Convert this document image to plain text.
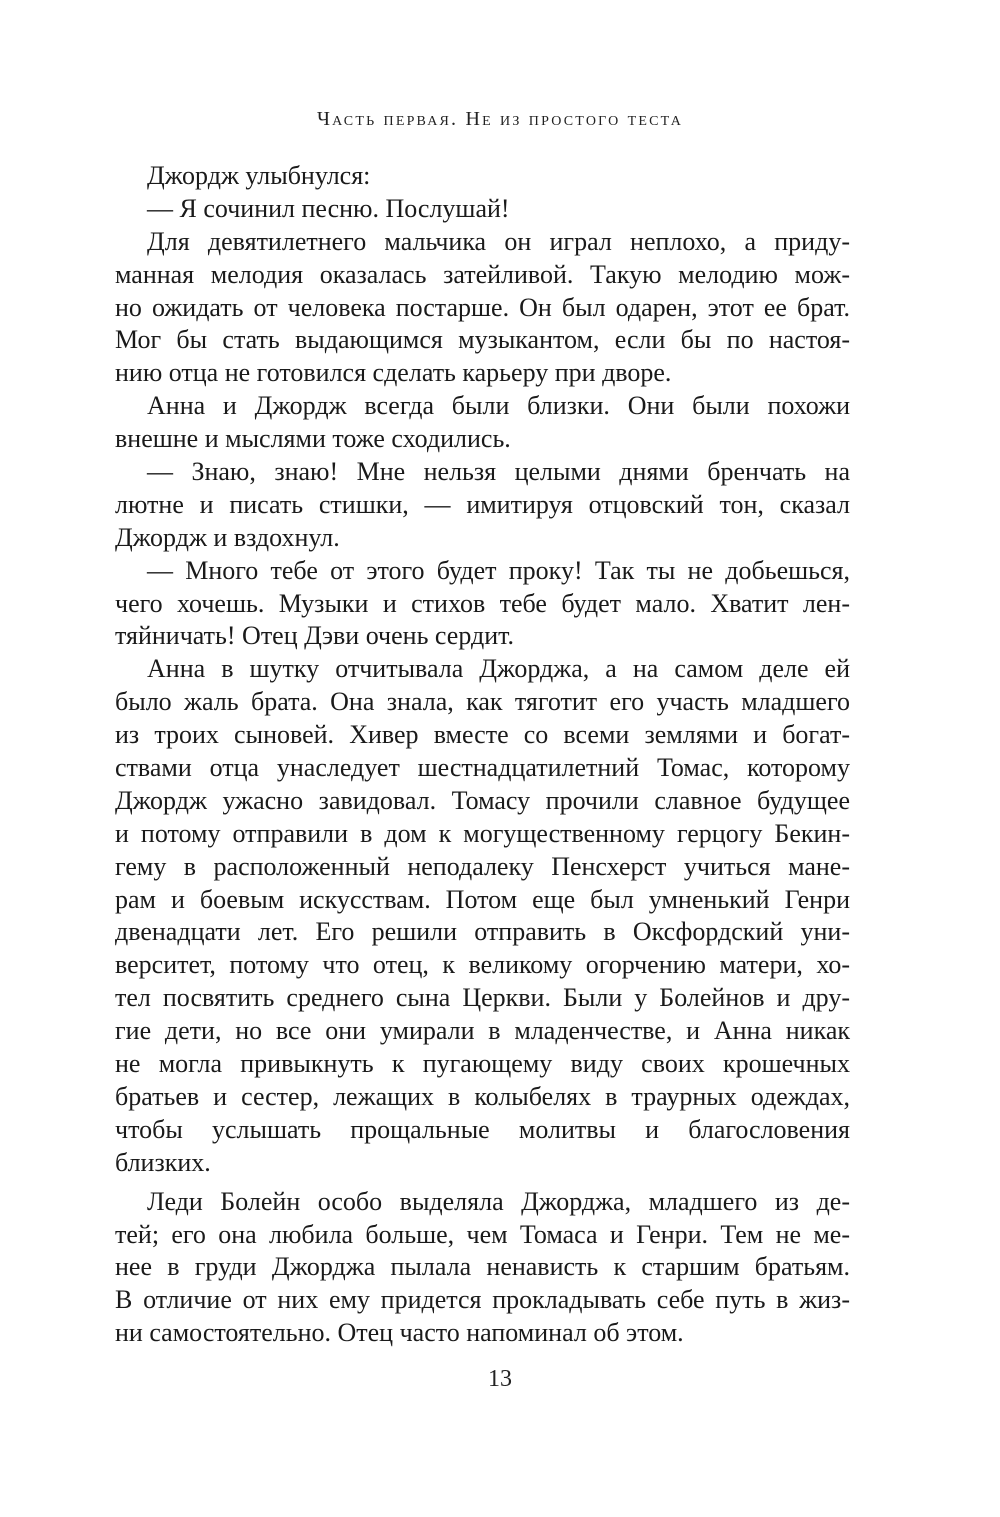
Часть первая. Не из простого теста
Джордж улыбнулся:
— Я сочинил песню. Послушай!
Для девятилетнего мальчика он играл неплохо, а приду-
манная мелодия оказалась затейливой. Такую мелодию мож-
но ожидать от человека постарше. Он был одарен, этот ее брат.
Мог бы стать выдающимся музыкантом, если бы по настоя-
нию отца не готовился сделать карьеру при дворе.
Анна и Джордж всегда были близки. Они были похожи
внешне и мыслями тоже сходились.
— Знаю, знаю! Мне нельзя целыми днями бренчать на
лютне и писать стишки, — имитируя отцовский тон, сказал
Джордж и вздохнул.
— Много тебе от этого будет проку! Так ты не добьешься,
чего хочешь. Музыки и стихов тебе будет мало. Хватит лен-
тяйничать! Отец Дэви очень сердит.
Анна в шутку отчитывала Джорджа, а на самом деле ей
было жаль брата. Она знала, как тяготит его участь младшего
из троих сыновей. Хивер вместе со всеми землями и богат-
ствами отца унаследует шестнадцатилетний Томас, которому
Джордж ужасно завидовал. Томасу прочили славное будущее
и потому отправили в дом к могущественному герцогу Бекин-
гему в расположенный неподалеку Пенсхерст учиться мане-
рам и боевым искусствам. Потом еще был умненький Генри
двенадцати лет. Его решили отправить в Оксфордский уни-
верситет, потому что отец, к великому огорчению матери, хо-
тел посвятить среднего сына Церкви. Были у Болейнов и дру-
гие дети, но все они умирали в младенчестве, и Анна никак
не могла привыкнуть к пугающему виду своих крошечных
братьев и сестер, лежащих в колыбелях в траурных одеждах,
чтобы услышать прощальные молитвы и благословения
близких.
Леди Болейн особо выделяла Джорджа, младшего из де-
тей; его она любила больше, чем Томаса и Генри. Тем не ме-
нее в груди Джорджа пылала ненависть к старшим братьям.
В отличие от них ему придется прокладывать себе путь в жиз-
ни самостоятельно. Отец часто напоминал об этом.
13
